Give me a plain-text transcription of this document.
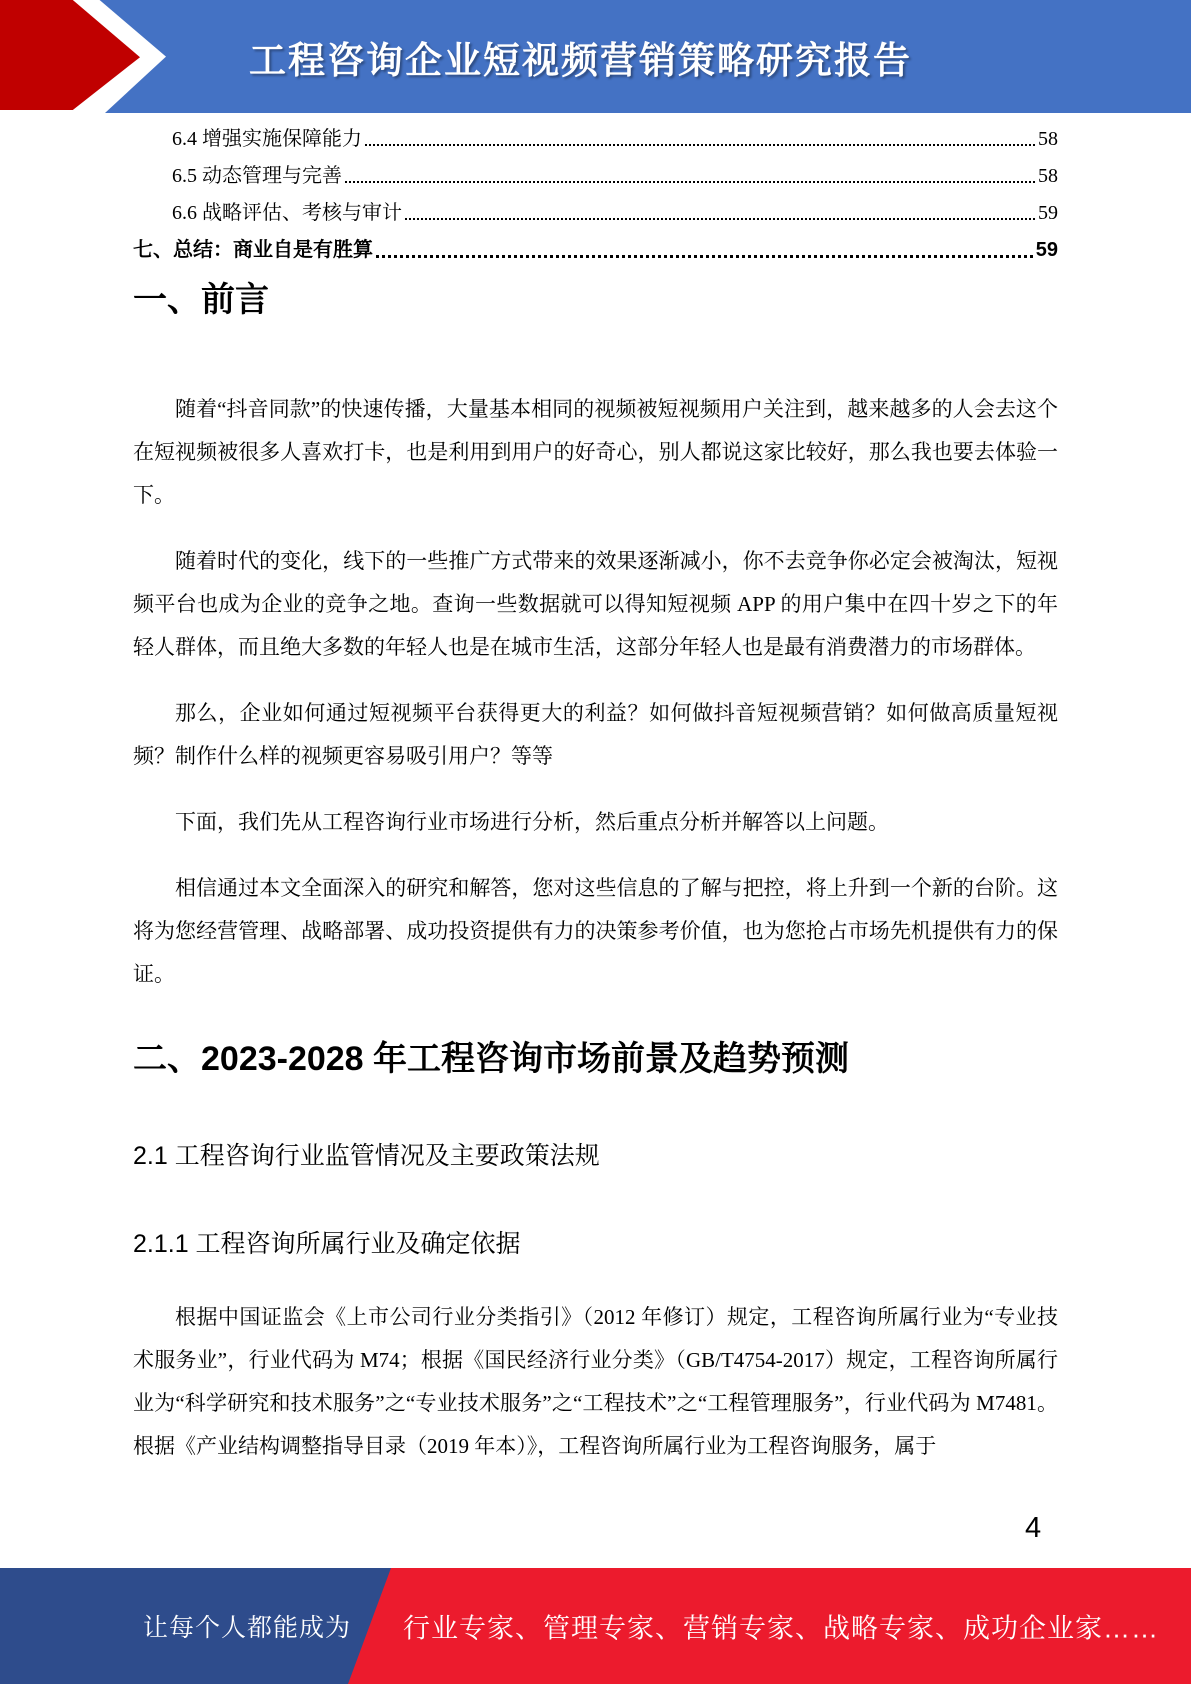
工程咨询企业短视频营销策略研究报告
6.4 增强实施保障能力	58
6.5 动态管理与完善	58
6.6 战略评估、考核与审计	59
七、总结：商业自是有胜算	59
一、前言

随着“抖音同款”的快速传播，大量基本相同的视频被短视频用户关注到，越来越多的人会去这个在短视频被很多人喜欢打卡，也是利用到用户的好奇心，别人都说这家比较好，那么我也要去体验一下。

随着时代的变化，线下的一些推广方式带来的效果逐渐减小，你不去竞争你必定会被淘汰，短视频平台也成为企业的竞争之地。查询一些数据就可以得知短视频 APP 的用户集中在四十岁之下的年轻人群体，而且绝大多数的年轻人也是在城市生活，这部分年轻人也是最有消费潜力的市场群体。

那么，企业如何通过短视频平台获得更大的利益？如何做抖音短视频营销？如何做高质量短视频？制作什么样的视频更容易吸引用户？等等

下面，我们先从工程咨询行业市场进行分析，然后重点分析并解答以上问题。

相信通过本文全面深入的研究和解答，您对这些信息的了解与把控，将上升到一个新的台阶。这将为您经营管理、战略部署、成功投资提供有力的决策参考价值，也为您抢占市场先机提供有力的保证。

二、2023-2028 年工程咨询市场前景及趋势预测
2.1 工程咨询行业监管情况及主要政策法规
2.1.1 工程咨询所属行业及确定依据

根据中国证监会《上市公司行业分类指引》（2012 年修订）规定，工程咨询所属行业为“专业技术服务业”，行业代码为 M74；根据《国民经济行业分类》（GB/T4754-2017）规定，工程咨询所属行业为“科学研究和技术服务”之“专业技术服务”之“工程技术”之“工程管理服务”，行业代码为 M7481。根据《产业结构调整指导目录（2019 年本）》，工程咨询所属行业为工程咨询服务，属于

4
让每个人都能成为 行业专家、管理专家、营销专家、战略专家、成功企业家……
